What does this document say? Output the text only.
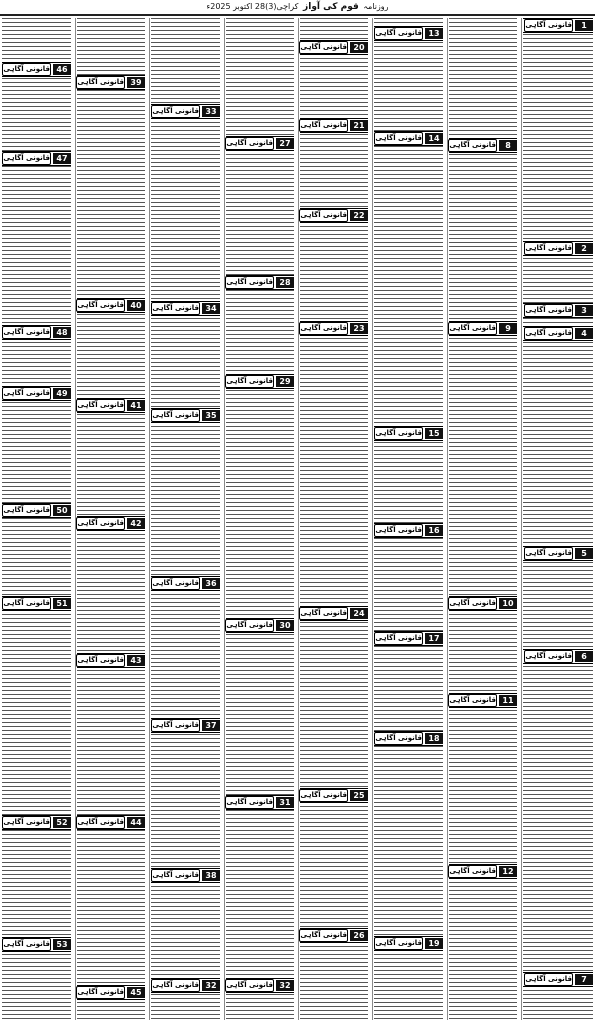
روزنامہ قوم کی آواز کراچی(3)28 اکتوبر 2025ء
46
قانونی آگاہی
47
قانونی آگاہی
48
قانونی آگاہی
49
قانونی آگاہی
50
قانونی آگاہی
51
قانونی آگاہی
52
قانونی آگاہی
53
قانونی آگاہی
39
قانونی آگاہی
40
قانونی آگاہی
41
قانونی آگاہی
42
قانونی آگاہی
43
قانونی آگاہی
44
قانونی آگاہی
45
قانونی آگاہی
33
قانونی آگاہی
34
قانونی آگاہی
35
قانونی آگاہی
36
قانونی آگاہی
37
قانونی آگاہی
38
قانونی آگاہی
32
قانونی آگاہی
27
قانونی آگاہی
28
قانونی آگاہی
29
قانونی آگاہی
30
قانونی آگاہی
31
قانونی آگاہی
32
قانونی آگاہی
20
قانونی آگاہی
21
قانونی آگاہی
22
قانونی آگاہی
23
قانونی آگاہی
24
قانونی آگاہی
25
قانونی آگاہی
26
قانونی آگاہی
13
قانونی آگاہی
14
قانونی آگاہی
15
قانونی آگاہی
16
قانونی آگاہی
17
قانونی آگاہی
18
قانونی آگاہی
19
قانونی آگاہی
8
قانونی آگاہی
9
قانونی آگاہی
10
قانونی آگاہی
11
قانونی آگاہی
12
قانونی آگاہی
1
قانونی آگاہی
2
قانونی آگاہی
3
قانونی آگاہی
4
قانونی آگاہی
5
قانونی آگاہی
6
قانونی آگاہی
7
قانونی آگاہی
